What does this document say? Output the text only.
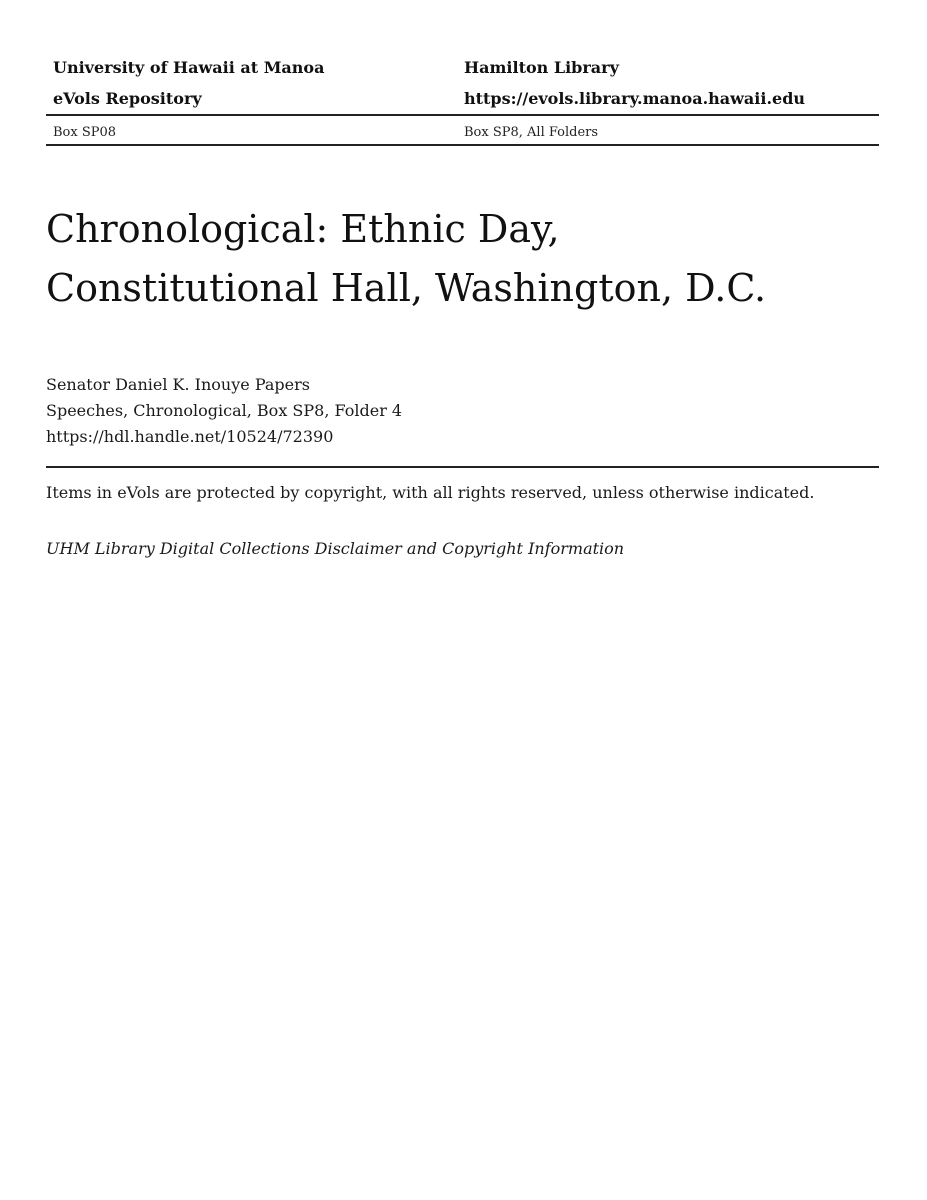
University of Hawaii at Manoa	Hamilton Library
eVols Repository	https://evols.library.manoa.hawaii.edu
Box SP08	Box SP8, All Folders
Chronological: Ethnic Day,
Constitutional Hall, Washington, D.C.
Senator Daniel K. Inouye Papers
Speeches, Chronological, Box SP8, Folder 4
https://hdl.handle.net/10524/72390
Items in eVols are protected by copyright, with all rights reserved, unless otherwise indicated.
UHM Library Digital Collections Disclaimer and Copyright Information
